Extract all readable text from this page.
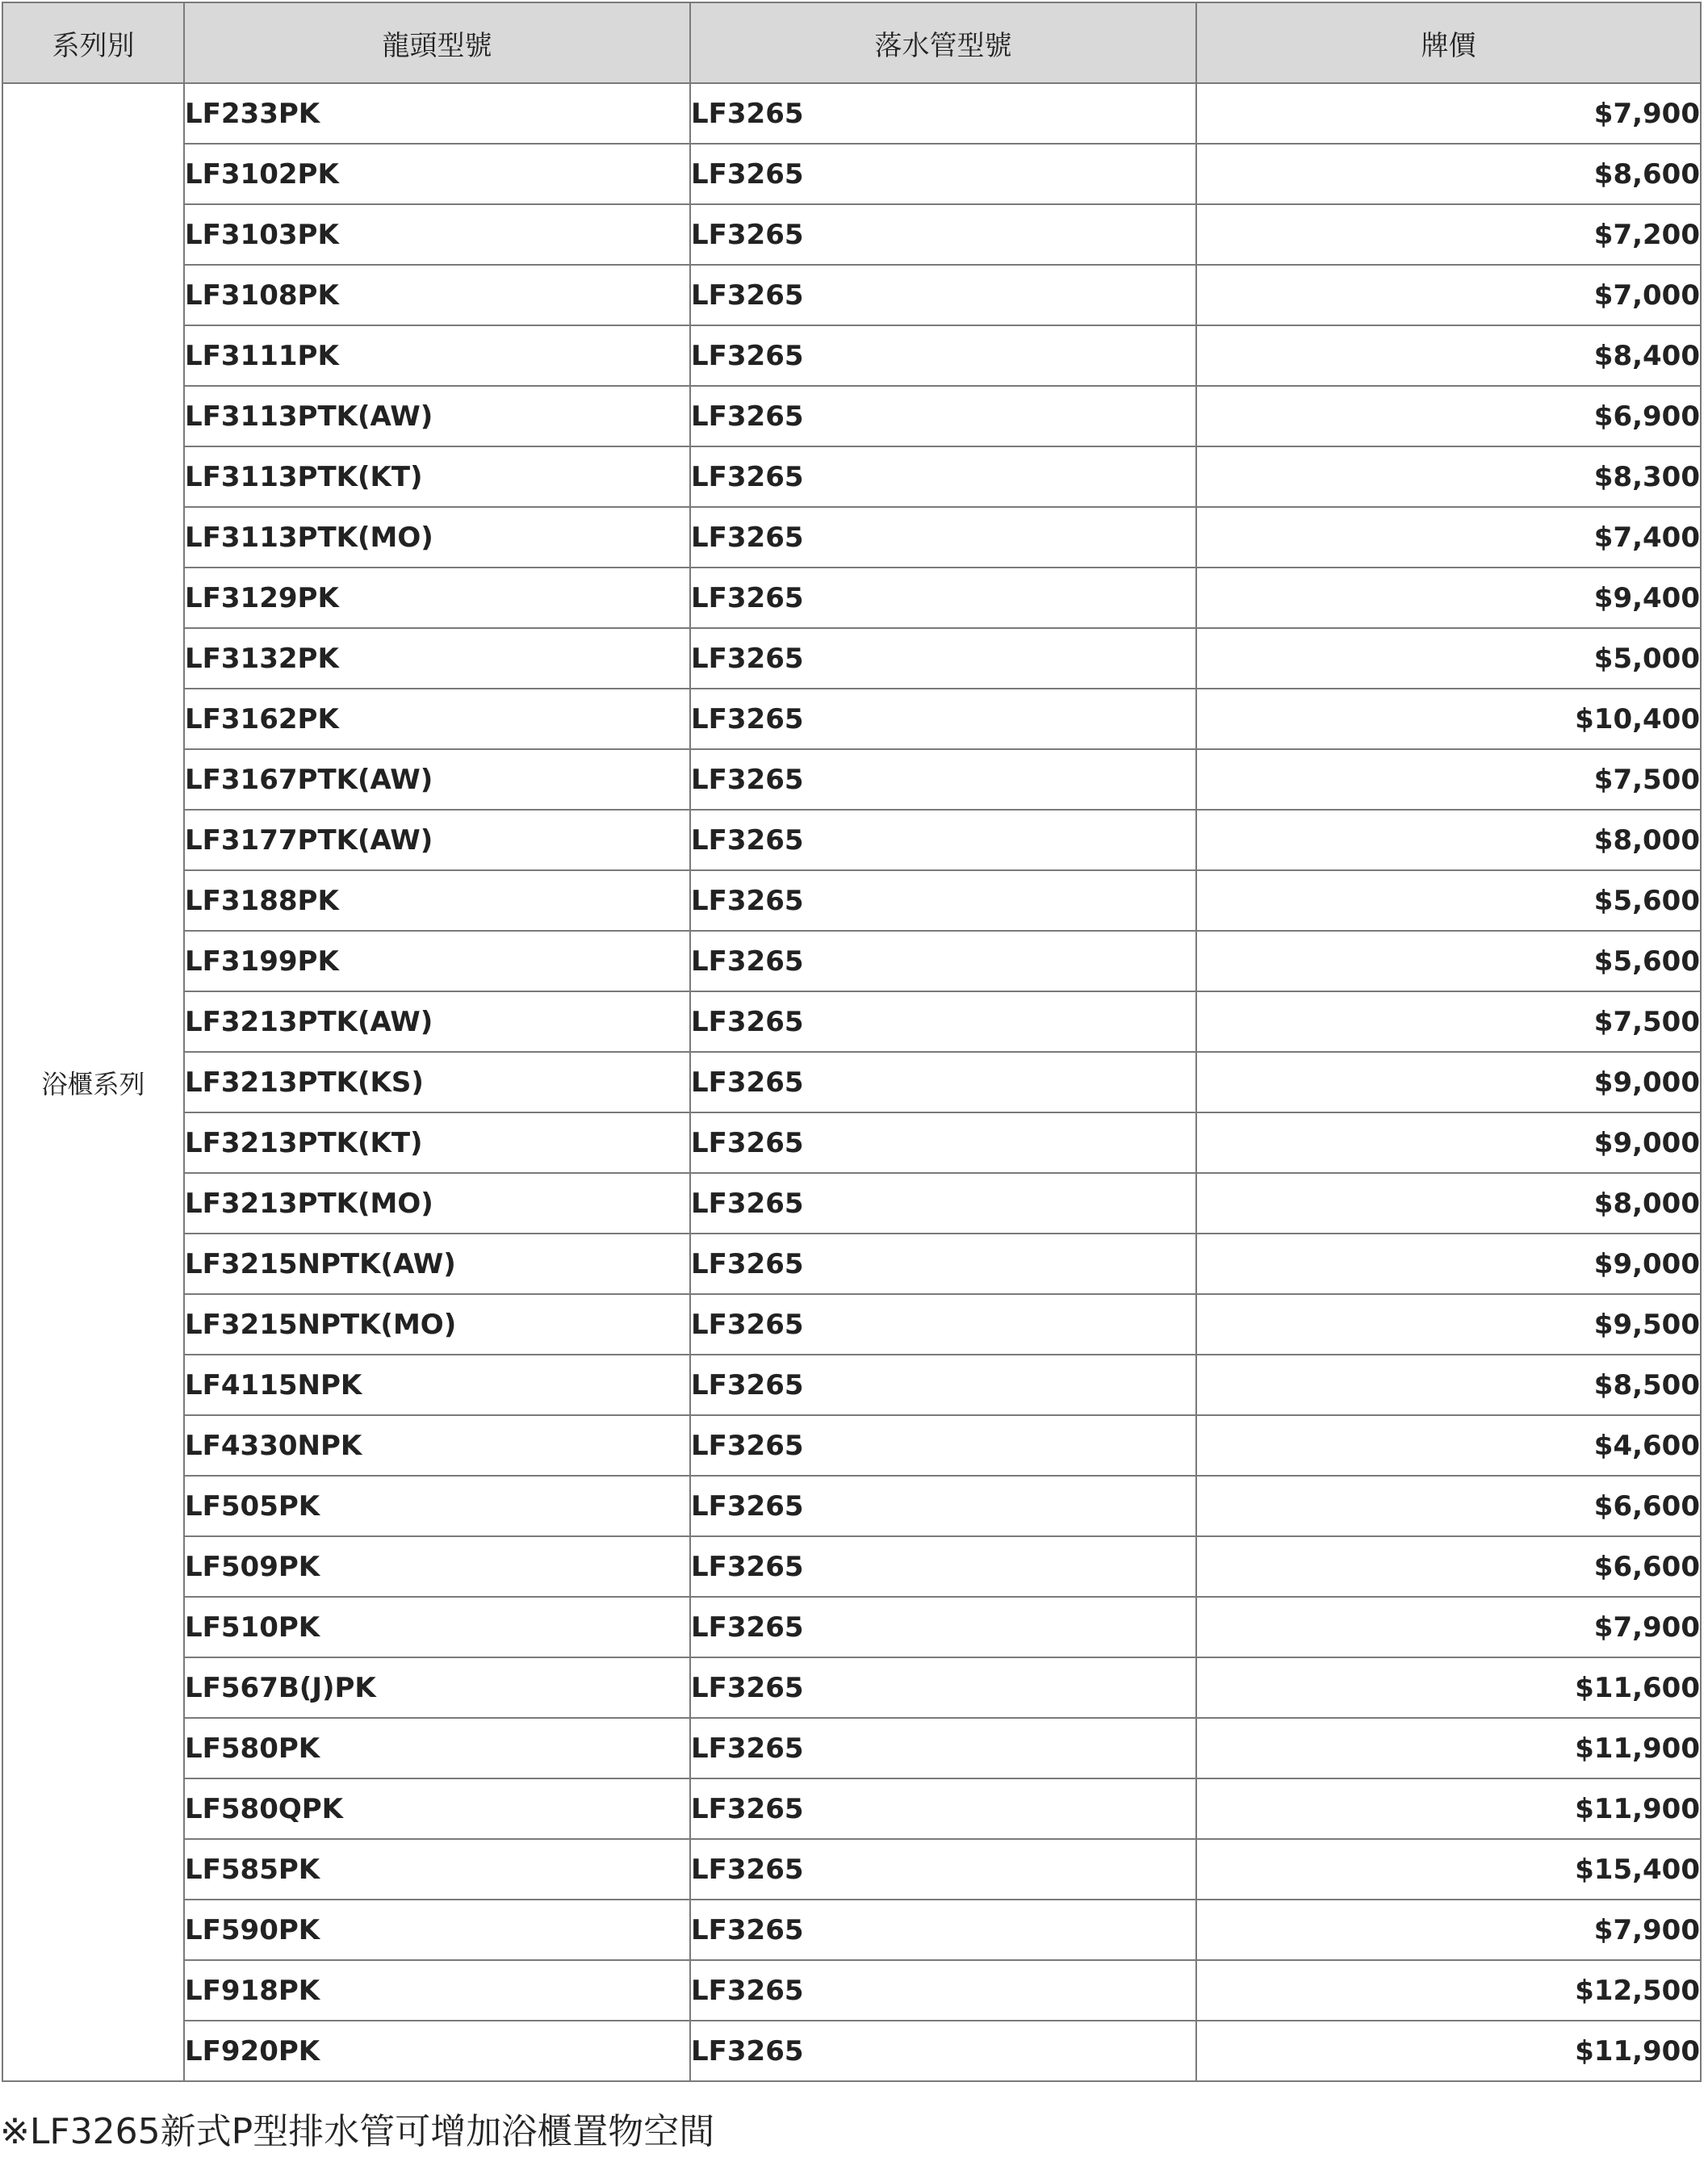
系列別	龍頭型號	落水管型號	牌價
浴櫃系列	LF233PK	LF3265	$7,900
	LF3102PK	LF3265	$8,600
	LF3103PK	LF3265	$7,200
	LF3108PK	LF3265	$7,000
	LF3111PK	LF3265	$8,400
	LF3113PTK(AW)	LF3265	$6,900
	LF3113PTK(KT)	LF3265	$8,300
	LF3113PTK(MO)	LF3265	$7,400
	LF3129PK	LF3265	$9,400
	LF3132PK	LF3265	$5,000
	LF3162PK	LF3265	$10,400
	LF3167PTK(AW)	LF3265	$7,500
	LF3177PTK(AW)	LF3265	$8,000
	LF3188PK	LF3265	$5,600
	LF3199PK	LF3265	$5,600
	LF3213PTK(AW)	LF3265	$7,500
	LF3213PTK(KS)	LF3265	$9,000
	LF3213PTK(KT)	LF3265	$9,000
	LF3213PTK(MO)	LF3265	$8,000
	LF3215NPTK(AW)	LF3265	$9,000
	LF3215NPTK(MO)	LF3265	$9,500
	LF4115NPK	LF3265	$8,500
	LF4330NPK	LF3265	$4,600
	LF505PK	LF3265	$6,600
	LF509PK	LF3265	$6,600
	LF510PK	LF3265	$7,900
	LF567B(J)PK	LF3265	$11,600
	LF580PK	LF3265	$11,900
	LF580QPK	LF3265	$11,900
	LF585PK	LF3265	$15,400
	LF590PK	LF3265	$7,900
	LF918PK	LF3265	$12,500
	LF920PK	LF3265	$11,900
※LF3265新式P型排水管可增加浴櫃置物空間
